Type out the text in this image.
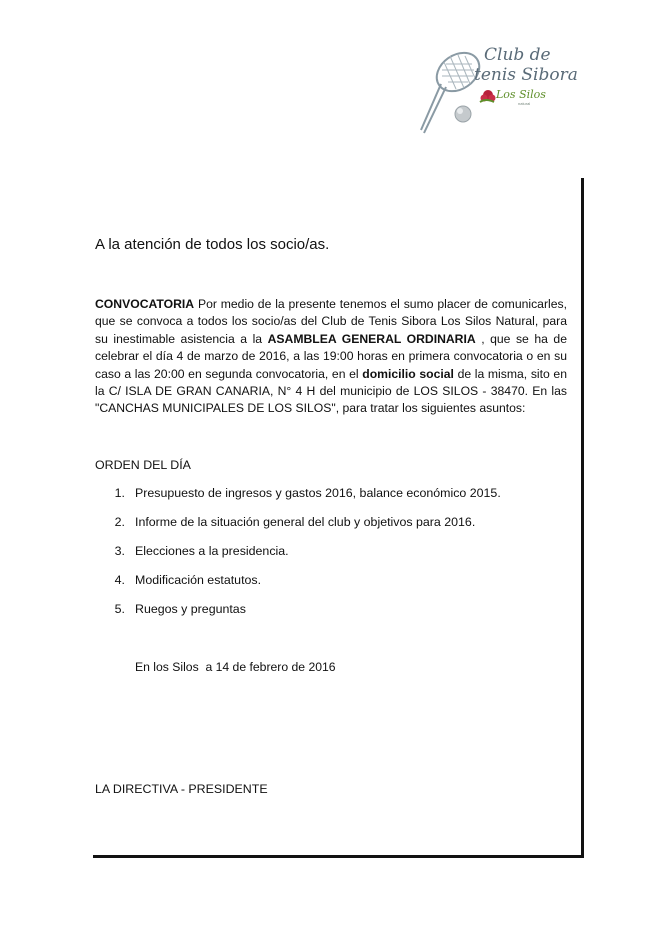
Club de
tenis Sibora
Los Silos
natural
A la atención de todos los socio/as.

CONVOCATORIA Por medio de la presente tenemos el sumo placer de comunicarles, que se convoca a todos los socio/as del Club de Tenis Sibora Los Silos Natural, para su inestimable asistencia a la ASAMBLEA GENERAL ORDINARIA , que se ha de celebrar el día 4 de marzo de 2016, a las 19:00 horas en primera convocatoria o en su caso a las 20:00 en segunda convocatoria, en el domicilio social de la misma, sito en la C/ ISLA DE GRAN CANARIA, N° 4 H del municipio de LOS SILOS - 38470. En las "CANCHAS MUNICIPALES DE LOS SILOS", para tratar los siguientes asuntos:

ORDEN DEL DÍA
1. Presupuesto de ingresos y gastos 2016, balance económico 2015.
2. Informe de la situación general del club y objetivos para 2016.
3. Elecciones a la presidencia.
4. Modificación estatutos.
5. Ruegos y preguntas
En los Silos  a 14 de febrero de 2016
LA DIRECTIVA - PRESIDENTE
